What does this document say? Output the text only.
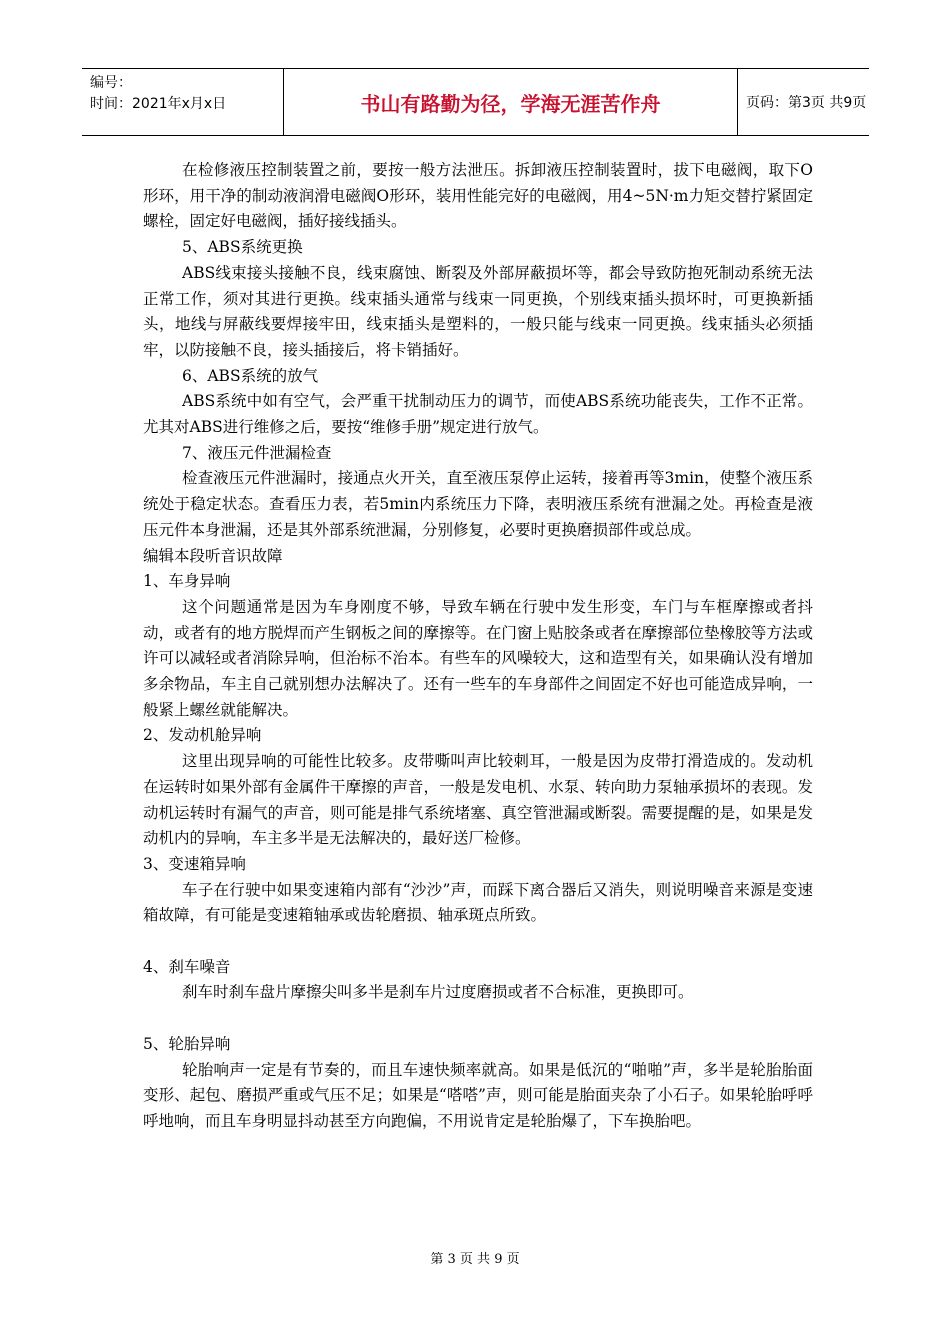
编号：
时间：2021年x月x日	书山有路勤为径，学海无涯苦作舟	页码：第3页 共9页

在检修液压控制装置之前，要按一般方法泄压。拆卸液压控制装置时，拔下电磁阀，取下O形环，用干净的制动液润滑电磁阀O形环，装用性能完好的电磁阀，用4~5N·m力矩交替拧紧固定螺栓，固定好电磁阀，插好接线插头。

5、ABS系统更换

ABS线束接头接触不良，线束腐蚀、断裂及外部屏蔽损坏等，都会导致防抱死制动系统无法正常工作，须对其进行更换。线束插头通常与线束一同更换，个别线束插头损坏时，可更换新插头，地线与屏蔽线要焊接牢田，线束插头是塑料的，一般只能与线束一同更换。线束插头必须插牢，以防接触不良，接头插接后，将卡销插好。

6、ABS系统的放气

ABS系统中如有空气，会严重干扰制动压力的调节，而使ABS系统功能丧失，工作不正常。尤其对ABS进行维修之后，要按“维修手册”规定进行放气。

7、液压元件泄漏检查

检查液压元件泄漏时，接通点火开关，直至液压泵停止运转，接着再等3min，使整个液压系统处于稳定状态。查看压力表，若5min内系统压力下降，表明液压系统有泄漏之处。再检查是液压元件本身泄漏，还是其外部系统泄漏，分别修复，必要时更换磨损部件或总成。

编辑本段听音识故障

1、车身异响

这个问题通常是因为车身刚度不够，导致车辆在行驶中发生形变，车门与车框摩擦或者抖动，或者有的地方脱焊而产生钢板之间的摩擦等。在门窗上贴胶条或者在摩擦部位垫橡胶等方法或许可以减轻或者消除异响，但治标不治本。有些车的风噪较大，这和造型有关，如果确认没有增加多余物品，车主自己就别想办法解决了。还有一些车的车身部件之间固定不好也可能造成异响，一般紧上螺丝就能解决。

2、发动机舱异响

这里出现异响的可能性比较多。皮带嘶叫声比较刺耳，一般是因为皮带打滑造成的。发动机在运转时如果外部有金属件干摩擦的声音，一般是发电机、水泵、转向助力泵轴承损坏的表现。发动机运转时有漏气的声音，则可能是排气系统堵塞、真空管泄漏或断裂。需要提醒的是，如果是发动机内的异响，车主多半是无法解决的，最好送厂检修。

3、变速箱异响

车子在行驶中如果变速箱内部有“沙沙”声，而踩下离合器后又消失，则说明噪音来源是变速箱故障，有可能是变速箱轴承或齿轮磨损、轴承斑点所致。

4、刹车噪音

刹车时刹车盘片摩擦尖叫多半是刹车片过度磨损或者不合标准，更换即可。

5、轮胎异响

轮胎响声一定是有节奏的，而且车速快频率就高。如果是低沉的“啪啪”声，多半是轮胎胎面变形、起包、磨损严重或气压不足；如果是“嗒嗒”声，则可能是胎面夹杂了小石子。如果轮胎呼呼呼地响，而且车身明显抖动甚至方向跑偏，不用说肯定是轮胎爆了，下车换胎吧。

第 3 页 共 9 页
